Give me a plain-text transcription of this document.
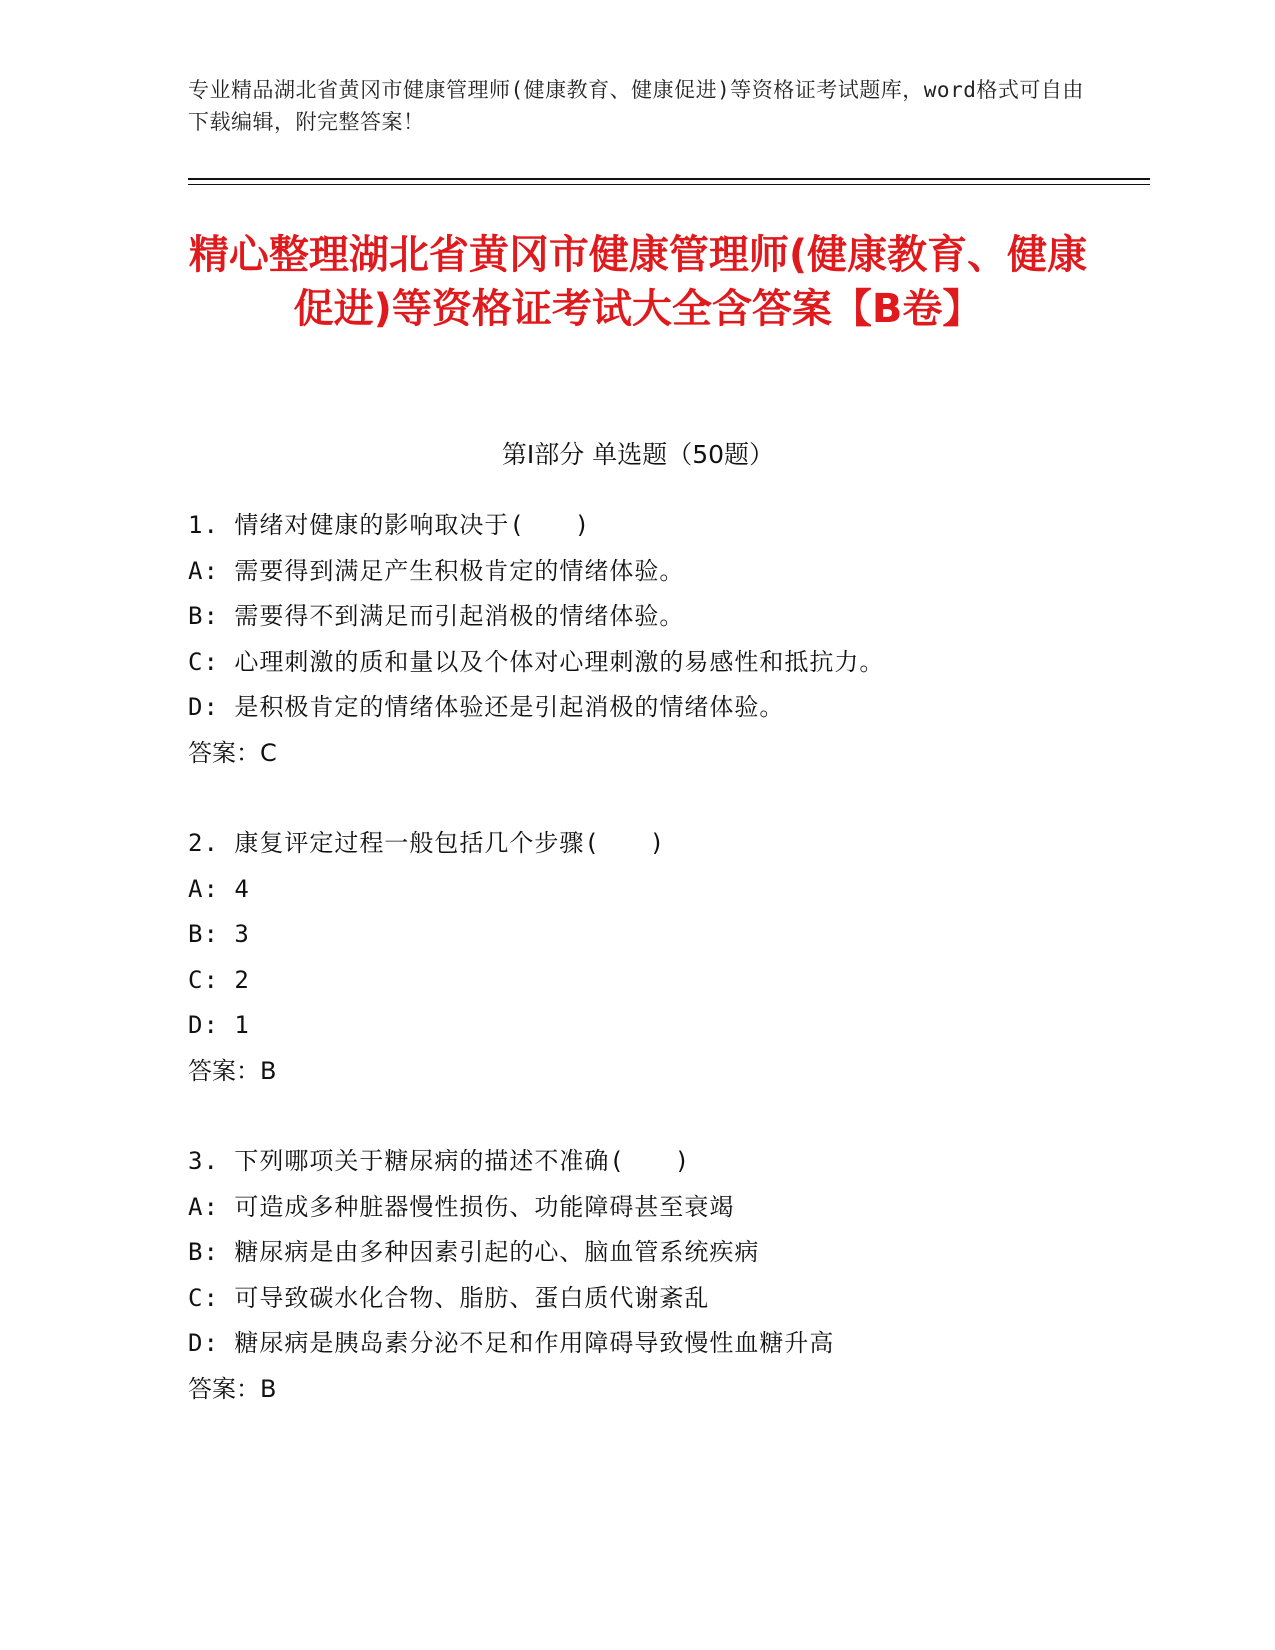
专业精品湖北省黄冈市健康管理师(健康教育、健康促进)等资格证考试题库，word格式可自由下载编辑，附完整答案！
精心整理湖北省黄冈市健康管理师(健康教育、健康促进)等资格证考试大全含答案【B卷】
第Ⅰ部分 单选题（50题）
1. 情绪对健康的影响取决于(　　)
A: 需要得到满足产生积极肯定的情绪体验。
B: 需要得不到满足而引起消极的情绪体验。
C: 心理刺激的质和量以及个体对心理刺激的易感性和抵抗力。
D: 是积极肯定的情绪体验还是引起消极的情绪体验。
答案：C
2. 康复评定过程一般包括几个步骤(　　)
A: 4
B: 3
C: 2
D: 1
答案：B
3. 下列哪项关于糖尿病的描述不准确(　　)
A: 可造成多种脏器慢性损伤、功能障碍甚至衰竭
B: 糖尿病是由多种因素引起的心、脑血管系统疾病
C: 可导致碳水化合物、脂肪、蛋白质代谢紊乱
D: 糖尿病是胰岛素分泌不足和作用障碍导致慢性血糖升高
答案：B
